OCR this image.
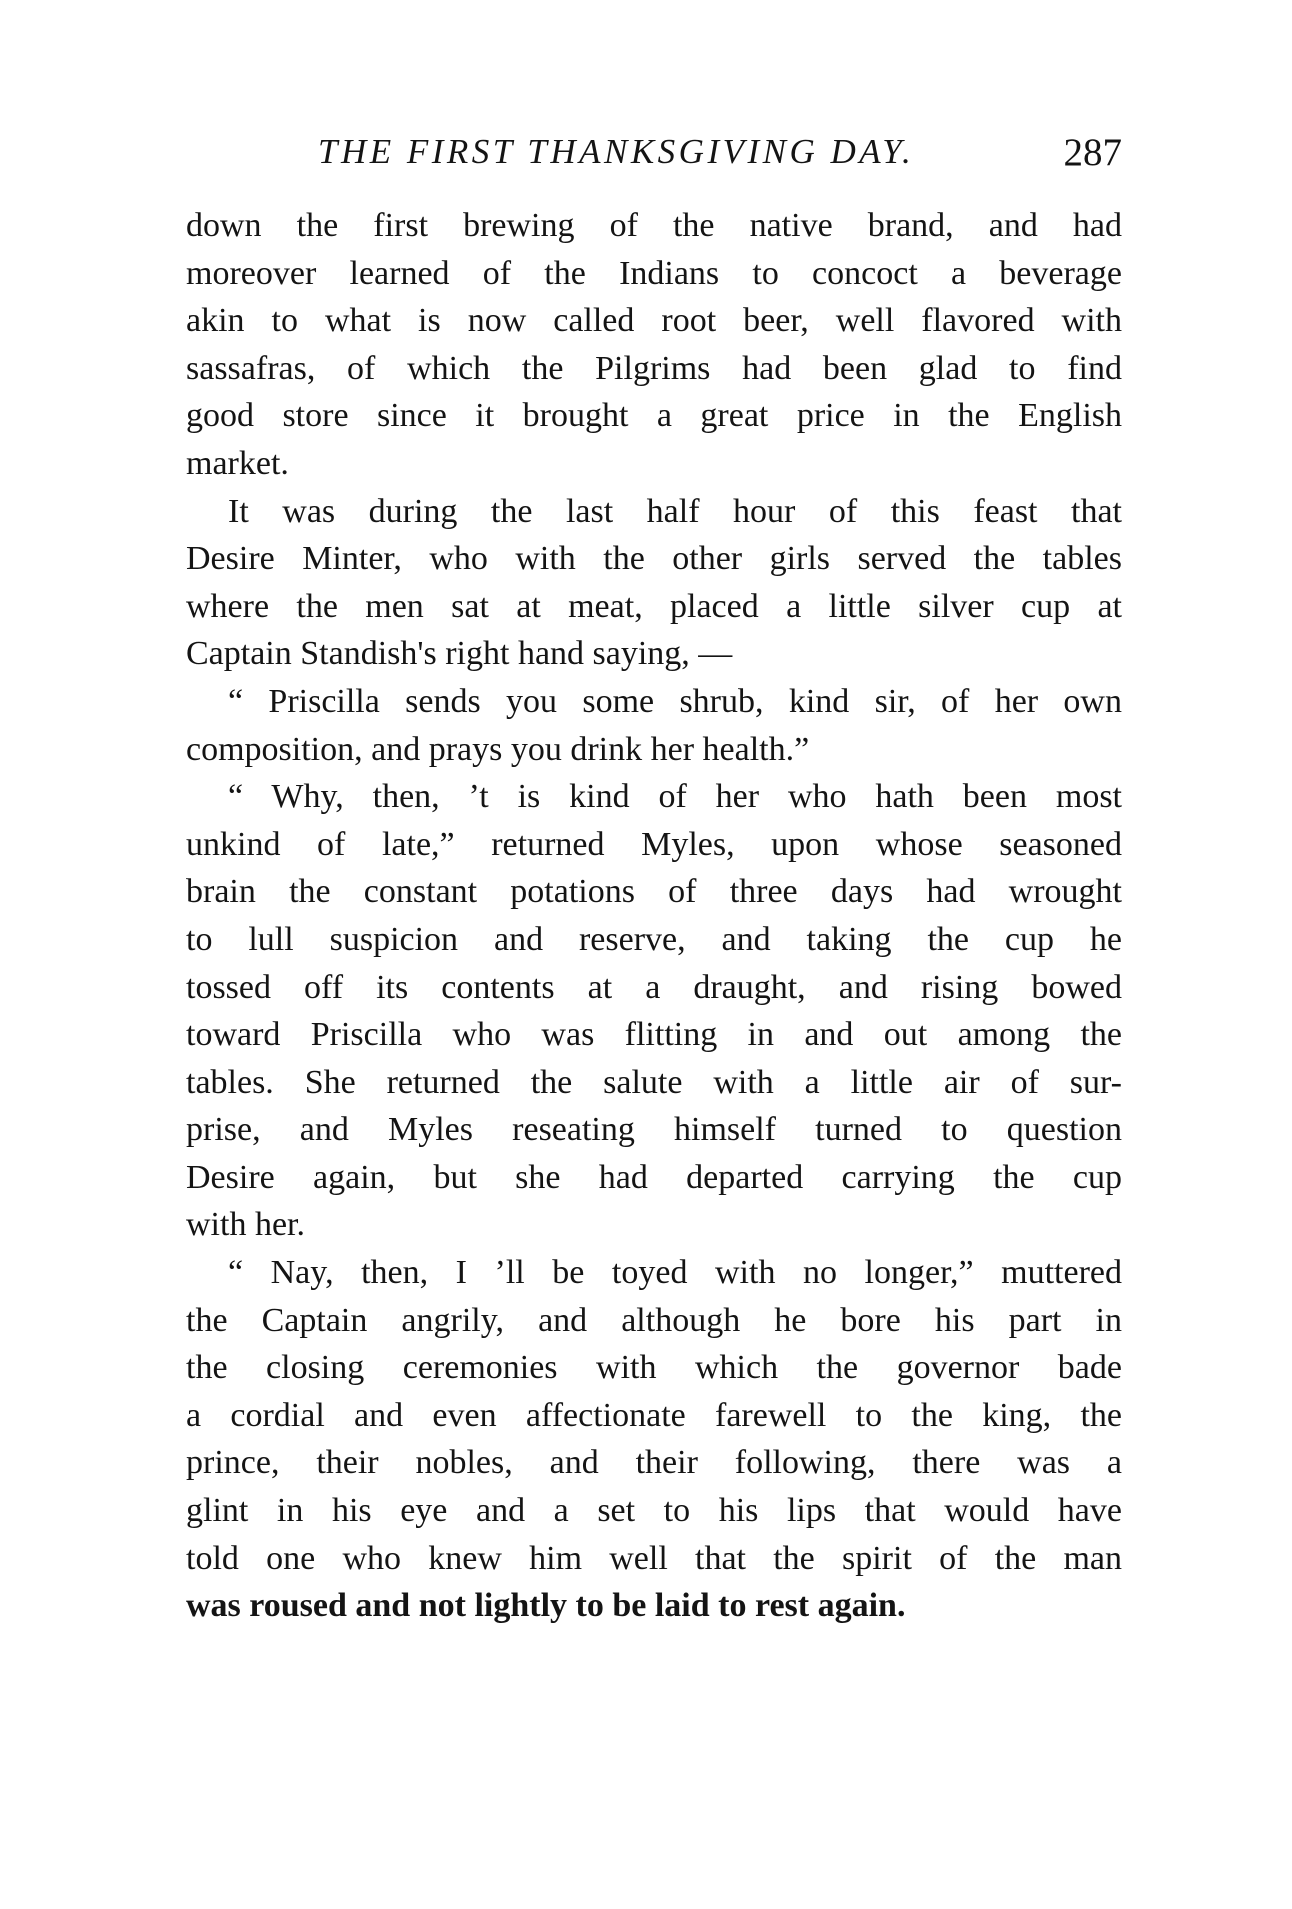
THE FIRST THANKSGIVING DAY.	287
down the first brewing of the native brand, and had
moreover learned of the Indians to concoct a beverage
akin to what is now called root beer, well flavored with
sassafras, of which the Pilgrims had been glad to find
good store since it brought a great price in the English
market.
It was during the last half hour of this feast that
Desire Minter, who with the other girls served the tables
where the men sat at meat, placed a little silver cup at
Captain Standish's right hand saying, —
“ Priscilla sends you some shrub, kind sir, of her own
composition, and prays you drink her health.”
“ Why, then, ’t is kind of her who hath been most
unkind of late,” returned Myles, upon whose seasoned
brain the constant potations of three days had wrought
to lull suspicion and reserve, and taking the cup he
tossed off its contents at a draught, and rising bowed
toward Priscilla who was flitting in and out among the
tables. She returned the salute with a little air of sur-
prise, and Myles reseating himself turned to question
Desire again, but she had departed carrying the cup
with her.
“ Nay, then, I ’ll be toyed with no longer,” muttered
the Captain angrily, and although he bore his part in
the closing ceremonies with which the governor bade
a cordial and even affectionate farewell to the king, the
prince, their nobles, and their following, there was a
glint in his eye and a set to his lips that would have
told one who knew him well that the spirit of the man
was roused and not lightly to be laid to rest again.
